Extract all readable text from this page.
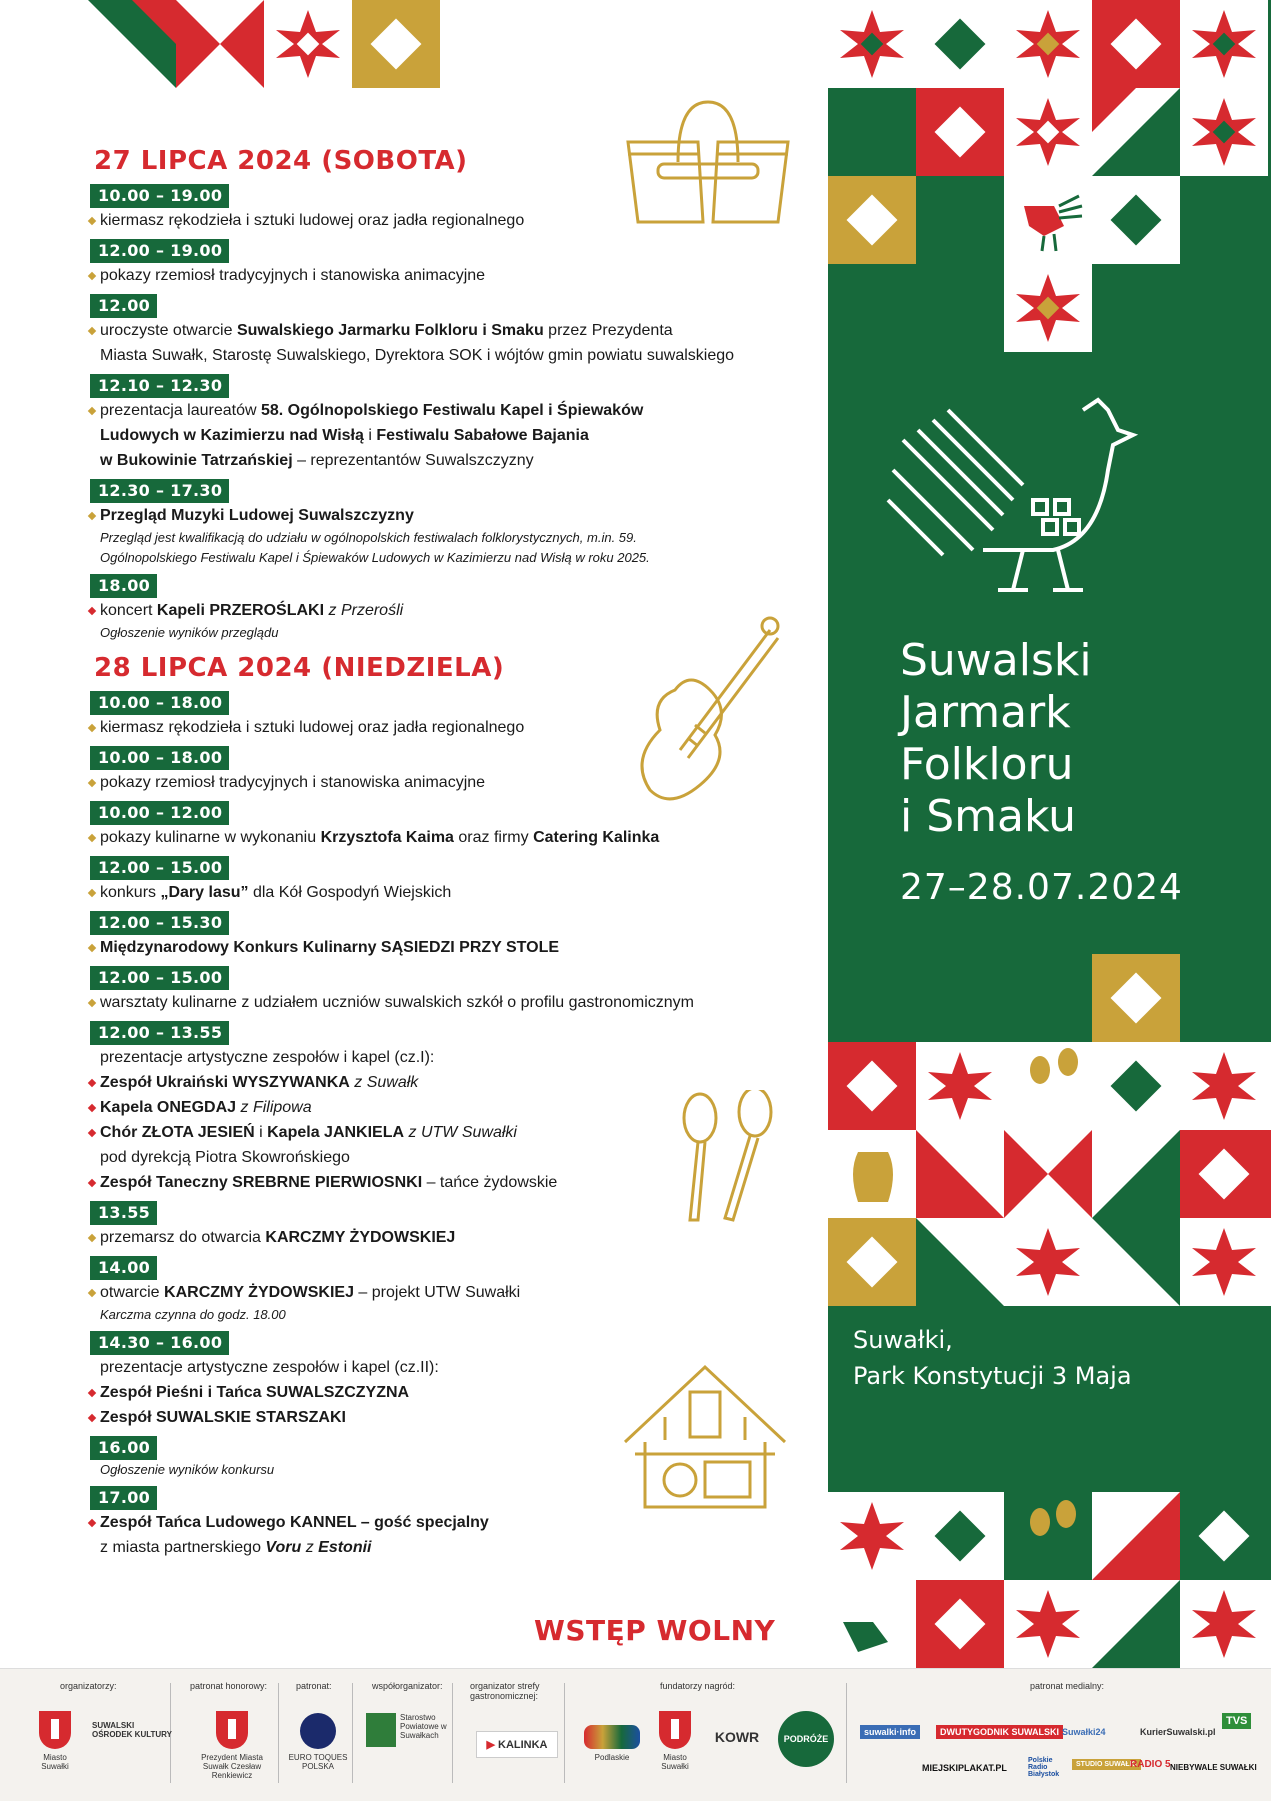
27 LIPCA 2024 (SOBOTA)
10.00 – 19.00
kiermasz rękodzieła i sztuki ludowej oraz jadła regionalnego
12.00 – 19.00
pokazy rzemiosł tradycyjnych i stanowiska animacyjne
12.00
uroczyste otwarcie Suwalskiego Jarmarku Folkloru i Smaku przez Prezydenta
Miasta Suwałk, Starostę Suwalskiego, Dyrektora SOK i wójtów gmin powiatu suwalskiego
12.10 – 12.30
prezentacja laureatów 58. Ogólnopolskiego Festiwalu Kapel i Śpiewaków
Ludowych w Kazimierzu nad Wisłą i Festiwalu Sabałowe Bajania
w Bukowinie Tatrzańskiej – reprezentantów Suwalszczyzny
12.30 – 17.30
Przegląd Muzyki Ludowej Suwalszczyzny
Przegląd jest kwalifikacją do udziału w ogólnopolskich festiwalach folklorystycznych, m.in. 59.
Ogólnopolskiego Festiwalu Kapel i Śpiewaków Ludowych w Kazimierzu nad Wisłą w roku 2025.
18.00
koncert Kapeli PRZEROŚLAKI z Przerośli
Ogłoszenie wyników przeglądu
28 LIPCA 2024 (NIEDZIELA)
10.00 – 18.00
kiermasz rękodzieła i sztuki ludowej oraz jadła regionalnego
10.00 – 18.00
pokazy rzemiosł tradycyjnych i stanowiska animacyjne
10.00 – 12.00
pokazy kulinarne w wykonaniu Krzysztofa Kaima oraz firmy Catering Kalinka
12.00 – 15.00
konkurs „Dary lasu” dla Kół Gospodyń Wiejskich
12.00 – 15.30
Międzynarodowy Konkurs Kulinarny SĄSIEDZI PRZY STOLE
12.00 – 15.00
warsztaty kulinarne z udziałem uczniów suwalskich szkół o profilu gastronomicznym
12.00 – 13.55
prezentacje artystyczne zespołów i kapel (cz.I):
Zespół Ukraiński WYSZYWANKA z Suwałk
Kapela ONEGDAJ z Filipowa
Chór ZŁOTA JESIEŃ i Kapela JANKIELA z UTW Suwałki
pod dyrekcją Piotra Skowrońskiego
Zespół Taneczny SREBRNE PIERWIOSNKI – tańce żydowskie
13.55
przemarsz do otwarcia KARCZMY ŻYDOWSKIEJ
14.00
otwarcie KARCZMY ŻYDOWSKIEJ – projekt UTW Suwałki
Karczma czynna do godz. 18.00
14.30 – 16.00
prezentacje artystyczne zespołów i kapel (cz.II):
Zespół Pieśni i Tańca SUWALSZCZYZNA
Zespół SUWALSKIE STARSZAKI
16.00
Ogłoszenie wyników konkursu
17.00
Zespół Tańca Ludowego KANNEL – gość specjalny
z miasta partnerskiego Voru z Estonii
WSTĘP WOLNY
Suwalski
Jarmark
Folkloru
i Smaku
27–28.07.2024
Suwałki,
Park Konstytucji 3 Maja
organizatorzy:	patronat honorowy:	patronat:	współorganizator:	organizator strefy gastronomicznej:
fundatorzy nagród:	patronat medialny:
Miasto Suwałki
SUWALSKI OŚRODEK KULTURY
Prezydent Miasta Suwałk Czesław Renkiewicz
EURO TOQUES POLSKA
Starostwo Powiatowe w Suwałkach
▶ KALINKA
Podlaskie	Miasto Suwałki
KOWR	PODRÓŻE
suwalki·info	DWUTYGODNIK SUWALSKI Suwałki24	KurierSuwalski.pl
TVS
MIEJSKIPLAKAT.PL
Polskie Radio Białystok
STUDIO SUWAŁKI
RADIO 5 NIEBYWALE SUWAŁKI
